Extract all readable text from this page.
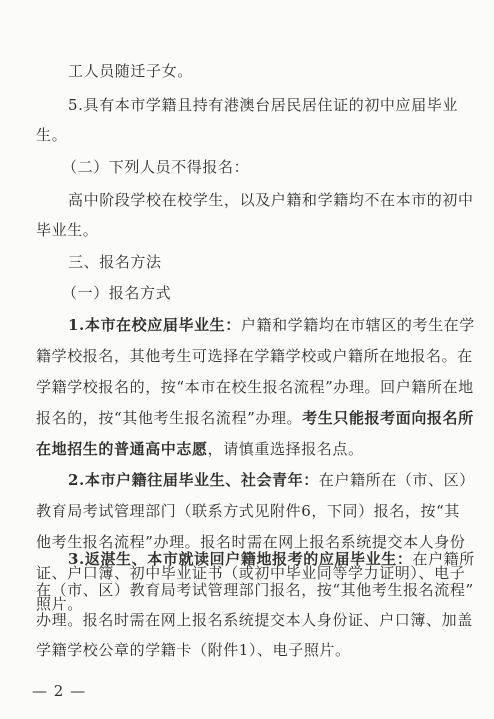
工人员随迁子女。
5.具有本市学籍且持有港澳台居民居住证的初中应届毕业
生。
（二）下列人员不得报名：
高中阶段学校在校学生，以及户籍和学籍均不在本市的初中
毕业生。
三、报名方法
（一）报名方式
1.本市在校应届毕业生：户籍和学籍均在市辖区的考生在学
籍学校报名，其他考生可选择在学籍学校或户籍所在地报名。在
学籍学校报名的，按“本市在校生报名流程”办理。回户籍所在地
报名的，按“其他考生报名流程”办理。考生只能报考面向报名所
在地招生的普通高中志愿，请慎重选择报名点。
2.本市户籍往届毕业生、社会青年：在户籍所在（市、区）
教育局考试管理部门（联系方式见附件6，下同）报名，按“其
他考生报名流程”办理。报名时需在网上报名系统提交本人身份
证、户口簿、初中毕业证书（或初中毕业同等学力证明）、电子
照片。
3.返湛生、本市就读回户籍地报考的应届毕业生：在户籍所
在（市、区）教育局考试管理部门报名，按“其他考生报名流程”
办理。报名时需在网上报名系统提交本人身份证、户口簿、加盖
学籍学校公章的学籍卡（附件1）、电子照片。
— 2 —
